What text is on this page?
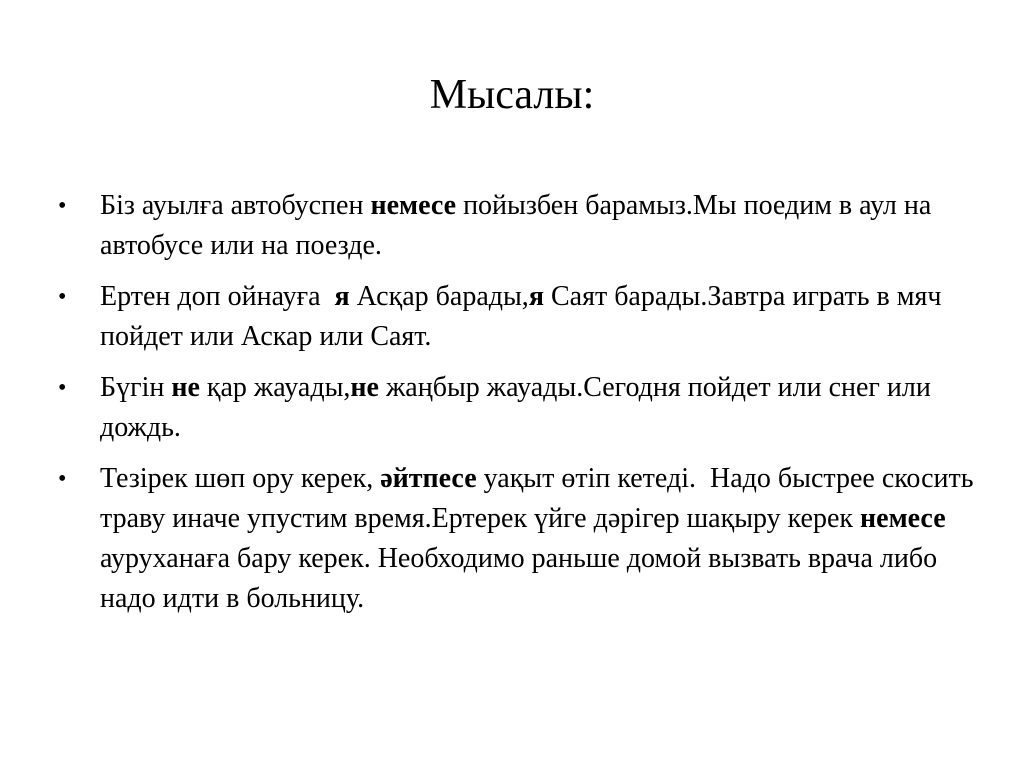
Мысалы:
• Біз ауылға автобуспен немесе пойызбен барамыз.Мы поедим в аул на автобусе или на поезде.
• Ертен доп ойнауға  я Асқар барады,я Саят барады.Завтра играть в мяч пойдет или Аскар или Саят.
• Бүгін не қар жауады,не жаңбыр жауады.Сегодня пойдет или снег или дождь.
• Тезірек шөп ору керек, әйтпесе уақыт өтіп кетеді.  Надо быстрее скосить траву иначе упустим время.Ертерек үйге дәрігер шақыру керек немесе ауруханаға бару керек. Необходимо раньше домой вызвать врача либо надо идти в больницу.
